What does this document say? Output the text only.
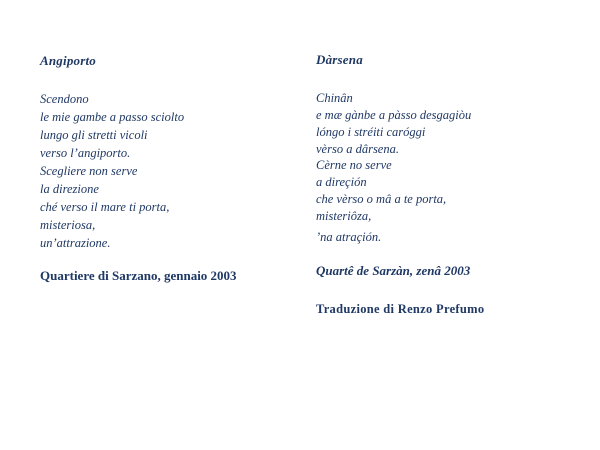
Angiporto
Scendono
le mie gambe a passo sciolto
lungo gli stretti vicoli
verso l’angiporto.
Scegliere non serve
la direzione
ché verso il mare ti porta,
misteriosa,
un’attrazione.
Quartiere di Sarzano, gennaio 2003
Dàrsena
Chinân
e mæ gànbe a pàsso desgagiòu
lóngo i stréiti caróggi
vèrso a dârsena.
Cèrne no serve
a direçión
che vèrso o mâ a te porta,
misteriôza,
’na atraçión.
Quartê de Sarzàn, zenâ 2003
Traduzione di Renzo Prefumo
